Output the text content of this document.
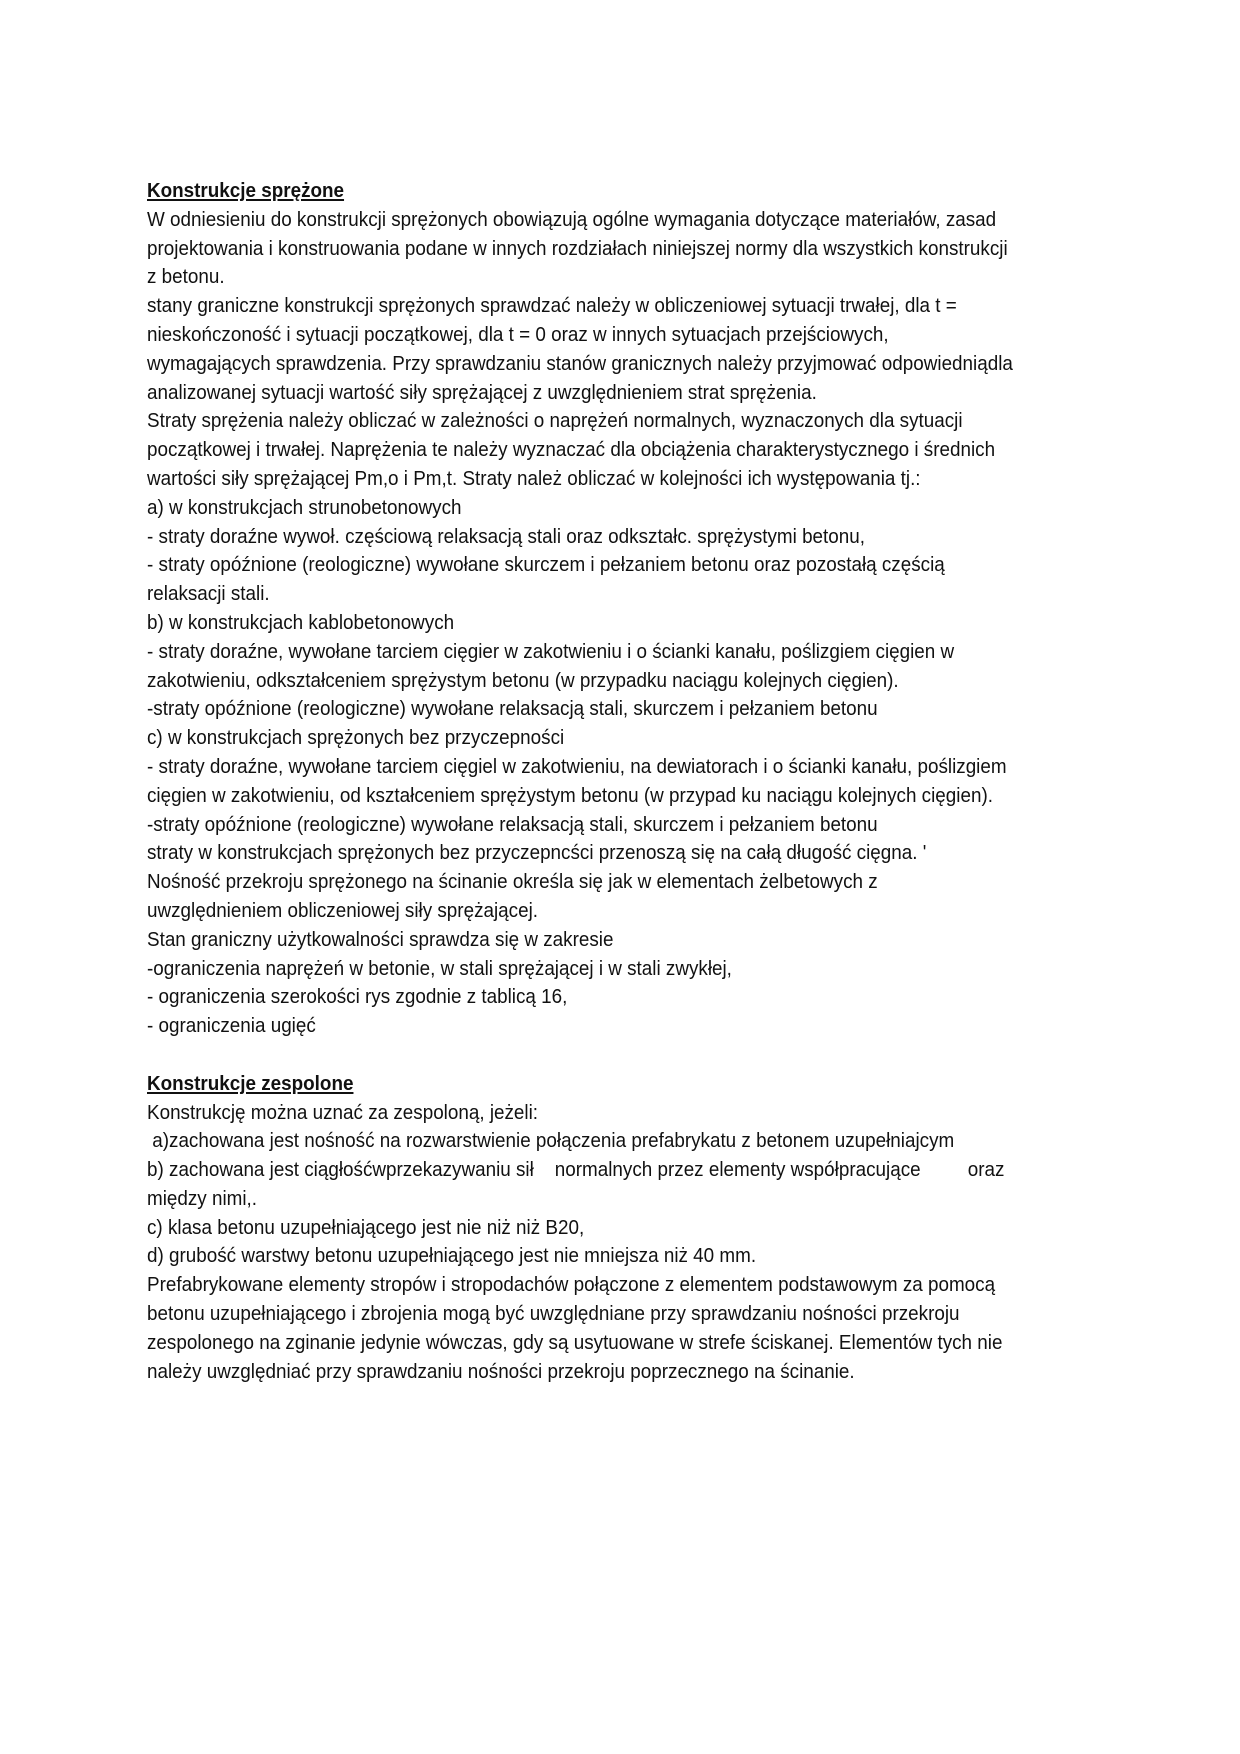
Konstrukcje sprężone

W odniesieniu do konstrukcji sprężonych obowiązują ogólne wymagania dotyczące materiałów, zasad

projektowania i konstruowania podane w innych rozdziałach niniejszej normy dla wszystkich konstrukcji

z betonu.

stany graniczne konstrukcji sprężonych sprawdzać należy w obliczeniowej sytuacji trwałej, dla t =

nieskończoność i sytuacji początkowej, dla t = 0 oraz w innych sytuacjach przejściowych,

wymagających sprawdzenia. Przy sprawdzaniu stanów granicznych należy przyjmować odpowiedniądla

analizowanej sytuacji wartość siły sprężającej z uwzględnieniem strat sprężenia.

Straty sprężenia należy obliczać w zależności o naprężeń normalnych, wyznaczonych dla sytuacji

początkowej i trwałej. Naprężenia te należy wyznaczać dla obciążenia charakterystycznego i średnich

wartości siły sprężającej Pm,o i Pm,t. Straty należ obliczać w kolejności ich występowania tj.:

a) w konstrukcjach strunobetonowych

- straty doraźne wywoł. częściową relaksacją stali oraz odkształc. sprężystymi betonu,

- straty opóźnione (reologiczne) wywołane skurczem i pełzaniem betonu oraz pozostałą częścią

relaksacji stali.

b) w konstrukcjach kablobetonowych

- straty doraźne, wywołane tarciem cięgier w zakotwieniu i o ścianki kanału, poślizgiem cięgien w

zakotwieniu, odkształceniem sprężystym betonu (w przypadku naciągu kolejnych cięgien).

-straty opóźnione (reologiczne) wywołane relaksacją stali, skurczem i pełzaniem betonu

c) w konstrukcjach sprężonych bez przyczepności

- straty doraźne, wywołane tarciem cięgiel w zakotwieniu, na dewiatorach i o ścianki kanału, poślizgiem

cięgien w zakotwieniu, od kształceniem sprężystym betonu (w przypad ku naciągu kolejnych cięgien).

-straty opóźnione (reologiczne) wywołane relaksacją stali, skurczem i pełzaniem betonu

straty w konstrukcjach sprężonych bez przyczepncści przenoszą się na całą długość cięgna. '

Nośność przekroju sprężonego na ścinanie określa się jak w elementach żelbetowych z

uwzględnieniem obliczeniowej siły sprężającej.

Stan graniczny użytkowalności sprawdza się w zakresie

-ograniczenia naprężeń w betonie, w stali sprężającej i w stali zwykłej,

- ograniczenia szerokości rys zgodnie z tablicą 16,

- ograniczenia ugięć

Konstrukcje zespolone

Konstrukcję można uznać za zespoloną, jeżeli:

a)zachowana jest nośność na rozwarstwienie połączenia prefabrykatu z betonem uzupełniajcym

b) zachowana jest ciągłośćwprzekazywaniu sił    normalnych przez elementy współpracujące         oraz

między nimi,.

c) klasa betonu uzupełniającego jest nie niż niż B20,

d) grubość warstwy betonu uzupełniającego jest nie mniejsza niż 40 mm.

Prefabrykowane elementy stropów i stropodachów połączone z elementem podstawowym za pomocą

betonu uzupełniającego i zbrojenia mogą być uwzględniane przy sprawdzaniu nośności przekroju

zespolonego na zginanie jedynie wówczas, gdy są usytuowane w strefe ściskanej. Elementów tych nie

należy uwzględniać przy sprawdzaniu nośności przekroju poprzecznego na ścinanie.
